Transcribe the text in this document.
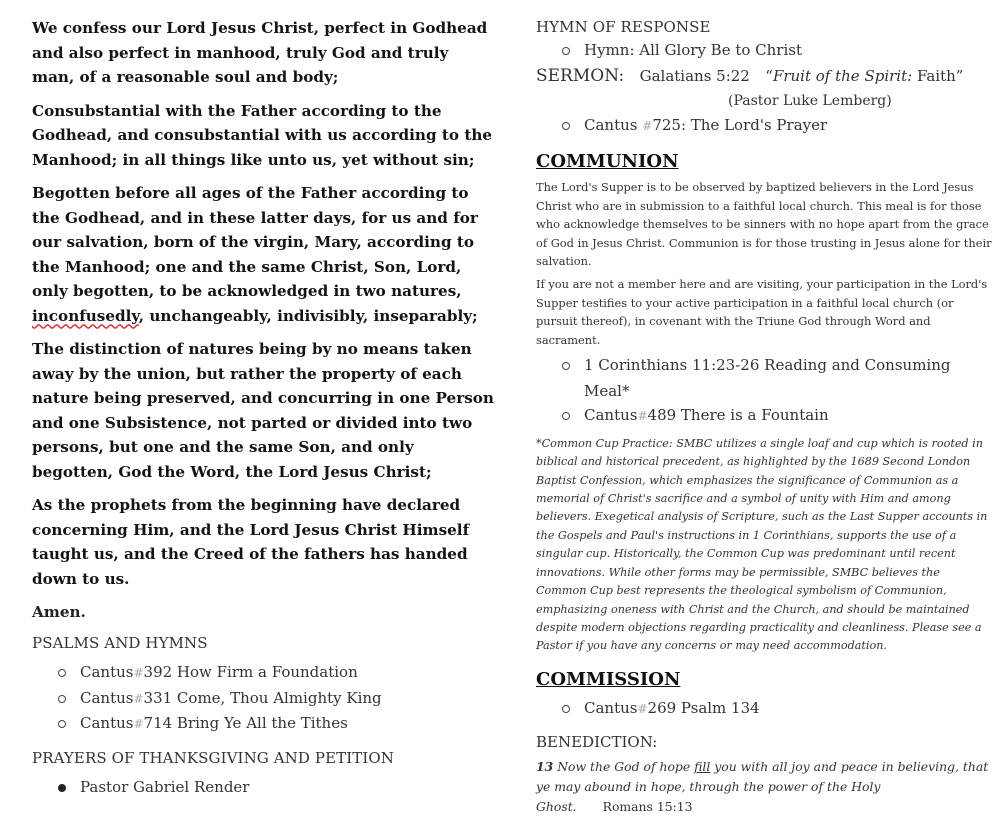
We confess our Lord Jesus Christ, perfect in Godhead and also perfect in manhood, truly God and truly man, of a reasonable soul and body;

Consubstantial with the Father according to the Godhead, and consubstantial with us according to the Manhood; in all things like unto us, yet without sin;

Begotten before all ages of the Father according to the Godhead, and in these latter days, for us and for our salvation, born of the virgin, Mary, according to the Manhood; one and the same Christ, Son, Lord, only begotten, to be acknowledged in two natures, inconfusedly, unchangeably, indivisibly, inseparably;

The distinction of natures being by no means taken away by the union, but rather the property of each nature being preserved, and concurring in one Person and one Subsistence, not parted or divided into two persons, but one and the same Son, and only begotten, God the Word, the Lord Jesus Christ;

As the prophets from the beginning have declared concerning Him, and the Lord Jesus Christ Himself taught us, and the Creed of the fathers has handed down to us.

Amen.
PSALMS AND HYMNS
Cantus#392 How Firm a Foundation
Cantus#331 Come, Thou Almighty King
Cantus#714 Bring Ye All the Tithes
PRAYERS OF THANKSGIVING AND PETITION
Pastor Gabriel Render
HYMN OF RESPONSE
Hymn: All Glory Be to Christ
SERMON: Galatians 5:22 “Fruit of the Spirit: Faith”
(Pastor Luke Lemberg)
Cantus #725: The Lord's Prayer
COMMUNION

The Lord's Supper is to be observed by baptized believers in the Lord Jesus Christ who are in submission to a faithful local church. This meal is for those who acknowledge themselves to be sinners with no hope apart from the grace of God in Jesus Christ. Communion is for those trusting in Jesus alone for their salvation.

If you are not a member here and are visiting, your participation in the Lord's Supper testifies to your active participation in a faithful local church (or pursuit thereof), in covenant with the Triune God through Word and sacrament.

1 Corinthians 11:23-26 Reading and Consuming Meal*
Cantus#489 There is a Fountain
*Common Cup Practice: SMBC utilizes a single loaf and cup which is rooted in biblical and historical precedent, as highlighted by the 1689 Second London Baptist Confession, which emphasizes the significance of Communion as a memorial of Christ's sacrifice and a symbol of unity with Him and among believers. Exegetical analysis of Scripture, such as the Last Supper accounts in the Gospels and Paul's instructions in 1 Corinthians, supports the use of a singular cup. Historically, the Common Cup was predominant until recent innovations. While other forms may be permissible, SMBC believes the Common Cup best represents the theological symbolism of Communion, emphasizing oneness with Christ and the Church, and should be maintained despite modern objections regarding practicality and cleanliness. Please see a Pastor if you have any concerns or may need accommodation.
COMMISSION
Cantus#269 Psalm 134
BENEDICTION:
13 Now the God of hope fill you with all joy and peace in believing, that ye may abound in hope, through the power of the Holy Ghost. Romans 15:13
